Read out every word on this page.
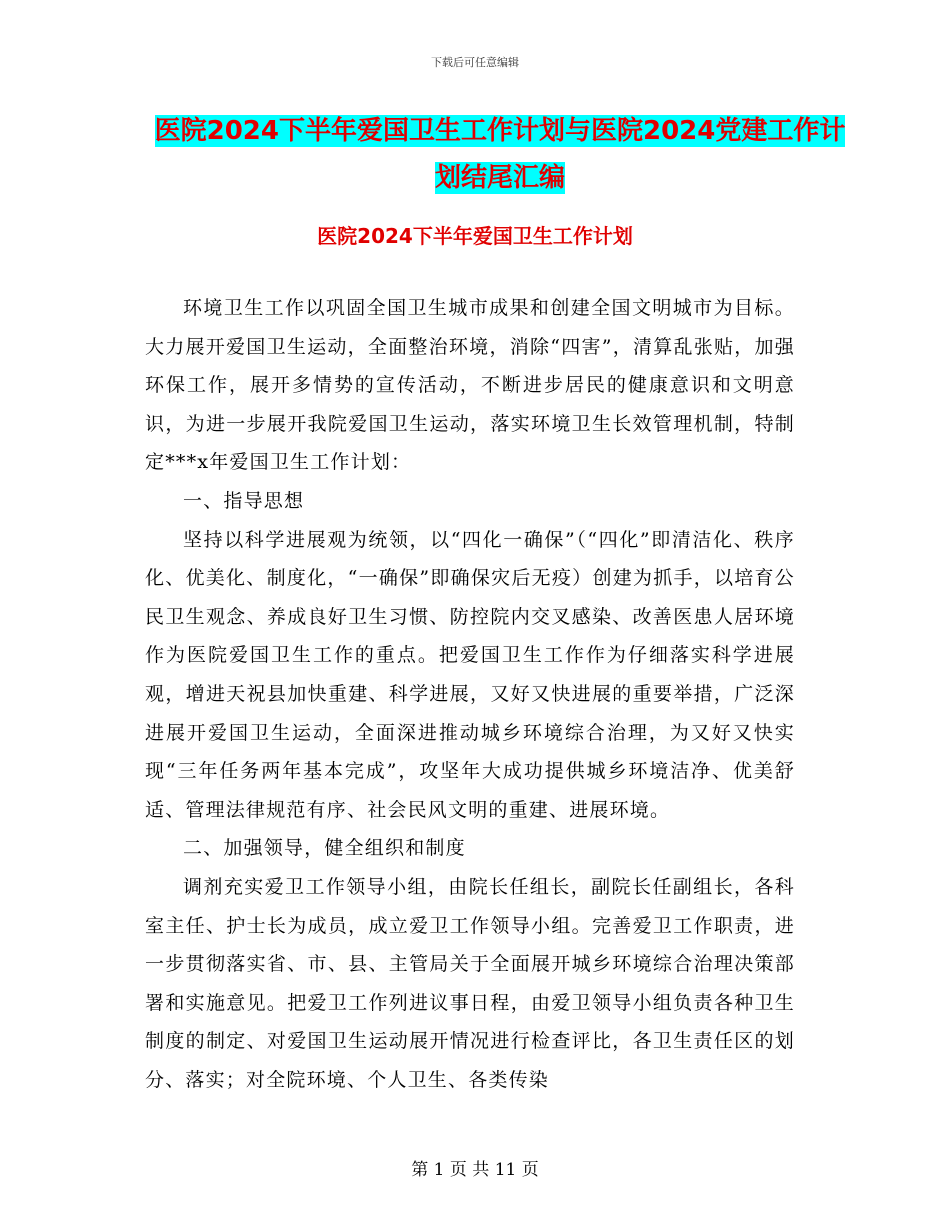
下载后可任意编辑
医院2024下半年爱国卫生工作计划与医院2024党建工作计划结尾汇编
医院2024下半年爱国卫生工作计划

环境卫生工作以巩固全国卫生城市成果和创建全国文明城市为目标。大力展开爱国卫生运动，全面整治环境，消除“四害”，清算乱张贴，加强环保工作，展开多情势的宣传活动，不断进步居民的健康意识和文明意识，为进一步展开我院爱国卫生运动，落实环境卫生长效管理机制，特制定***x年爱国卫生工作计划：

一、指导思想

坚持以科学进展观为统领，以“四化一确保”（“四化”即清洁化、秩序化、优美化、制度化，“一确保”即确保灾后无疫）创建为抓手，以培育公民卫生观念、养成良好卫生习惯、防控院内交叉感染、改善医患人居环境作为医院爱国卫生工作的重点。把爱国卫生工作作为仔细落实科学进展观，增进天祝县加快重建、科学进展，又好又快进展的重要举措，广泛深进展开爱国卫生运动，全面深进推动城乡环境综合治理，为又好又快实现“三年任务两年基本完成”，攻坚年大成功提供城乡环境洁净、优美舒适、管理法律规范有序、社会民风文明的重建、进展环境。

二、加强领导，健全组织和制度

调剂充实爱卫工作领导小组，由院长任组长，副院长任副组长，各科室主任、护士长为成员，成立爱卫工作领导小组。完善爱卫工作职责，进一步贯彻落实省、市、县、主管局关于全面展开城乡环境综合治理决策部署和实施意见。把爱卫工作列进议事日程，由爱卫领导小组负责各种卫生制度的制定、对爱国卫生运动展开情况进行检查评比，各卫生责任区的划分、落实；对全院环境、个人卫生、各类传染

第 1 页 共 11 页
